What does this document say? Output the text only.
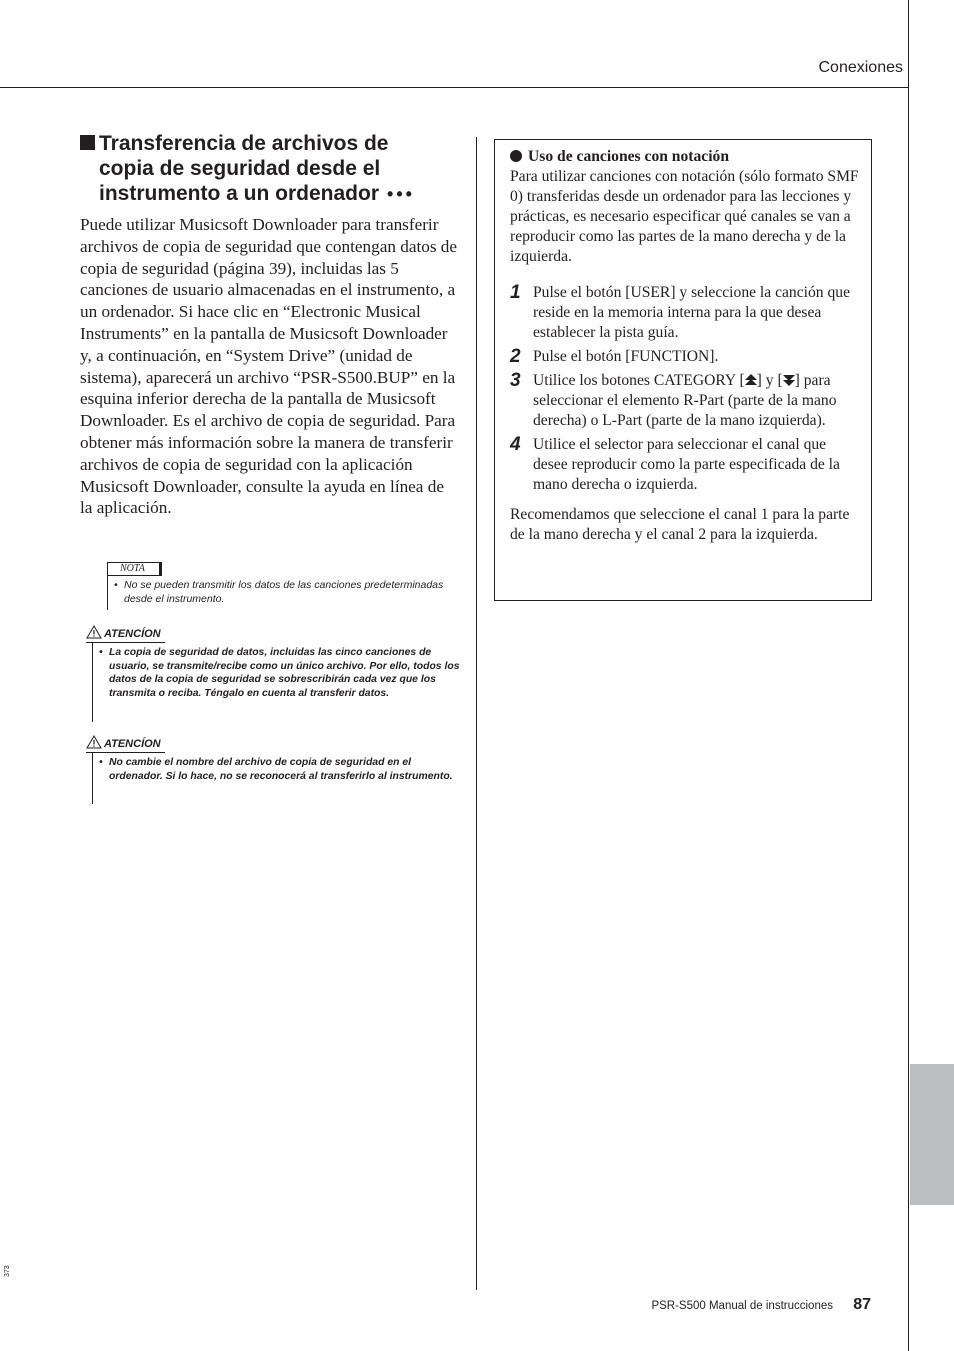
Conexiones
Transferencia de archivos de
copia de seguridad desde el
instrumento a un ordenador •••
Puede utilizar Musicsoft Downloader para transferir archivos de copia de seguridad que contengan datos de copia de seguridad (página 39), incluidas las 5 canciones de usuario almacenadas en el instrumento, a un ordenador. Si hace clic en “Electronic Musical Instruments” en la pantalla de Musicsoft Downloader y, a continuación, en “System Drive” (unidad de sistema), aparecerá un archivo “PSR-S500.BUP” en la esquina inferior derecha de la pantalla de Musicsoft Downloader. Es el archivo de copia de seguridad. Para obtener más información sobre la manera de transferir archivos de copia de seguridad con la aplicación Musicsoft Downloader, consulte la ayuda en línea de la aplicación.
NOTA
• No se pueden transmitir los datos de las canciones predeterminadas desde el instrumento.
ATENCÍON
• La copia de seguridad de datos, incluidas las cinco canciones de usuario, se transmite/recibe como un único archivo. Por ello, todos los datos de la copia de seguridad se sobrescribirán cada vez que los transmita o reciba. Téngalo en cuenta al transferir datos.
ATENCÍON
• No cambie el nombre del archivo de copia de seguridad en el ordenador. Si lo hace, no se reconocerá al transferirlo al instrumento.
Uso de canciones con notación
Para utilizar canciones con notación (sólo formato SMF 0) transferidas desde un ordenador para las lecciones y prácticas, es necesario especificar qué canales se van a reproducir como las partes de la mano derecha y de la izquierda.
1 Pulse el botón [USER] y seleccione la canción que reside en la memoria interna para la que desea establecer la pista guía.
2 Pulse el botón [FUNCTION].
3 Utilice los botones CATEGORY [ ] y [ ] para seleccionar el elemento R-Part (parte de la mano derecha) o L-Part (parte de la mano izquierda).
4 Utilice el selector para seleccionar el canal que desee reproducir como la parte especificada de la mano derecha o izquierda.
Recomendamos que seleccione el canal 1 para la parte de la mano derecha y el canal 2 para la izquierda.
373
PSR-S500 Manual de instrucciones 87
